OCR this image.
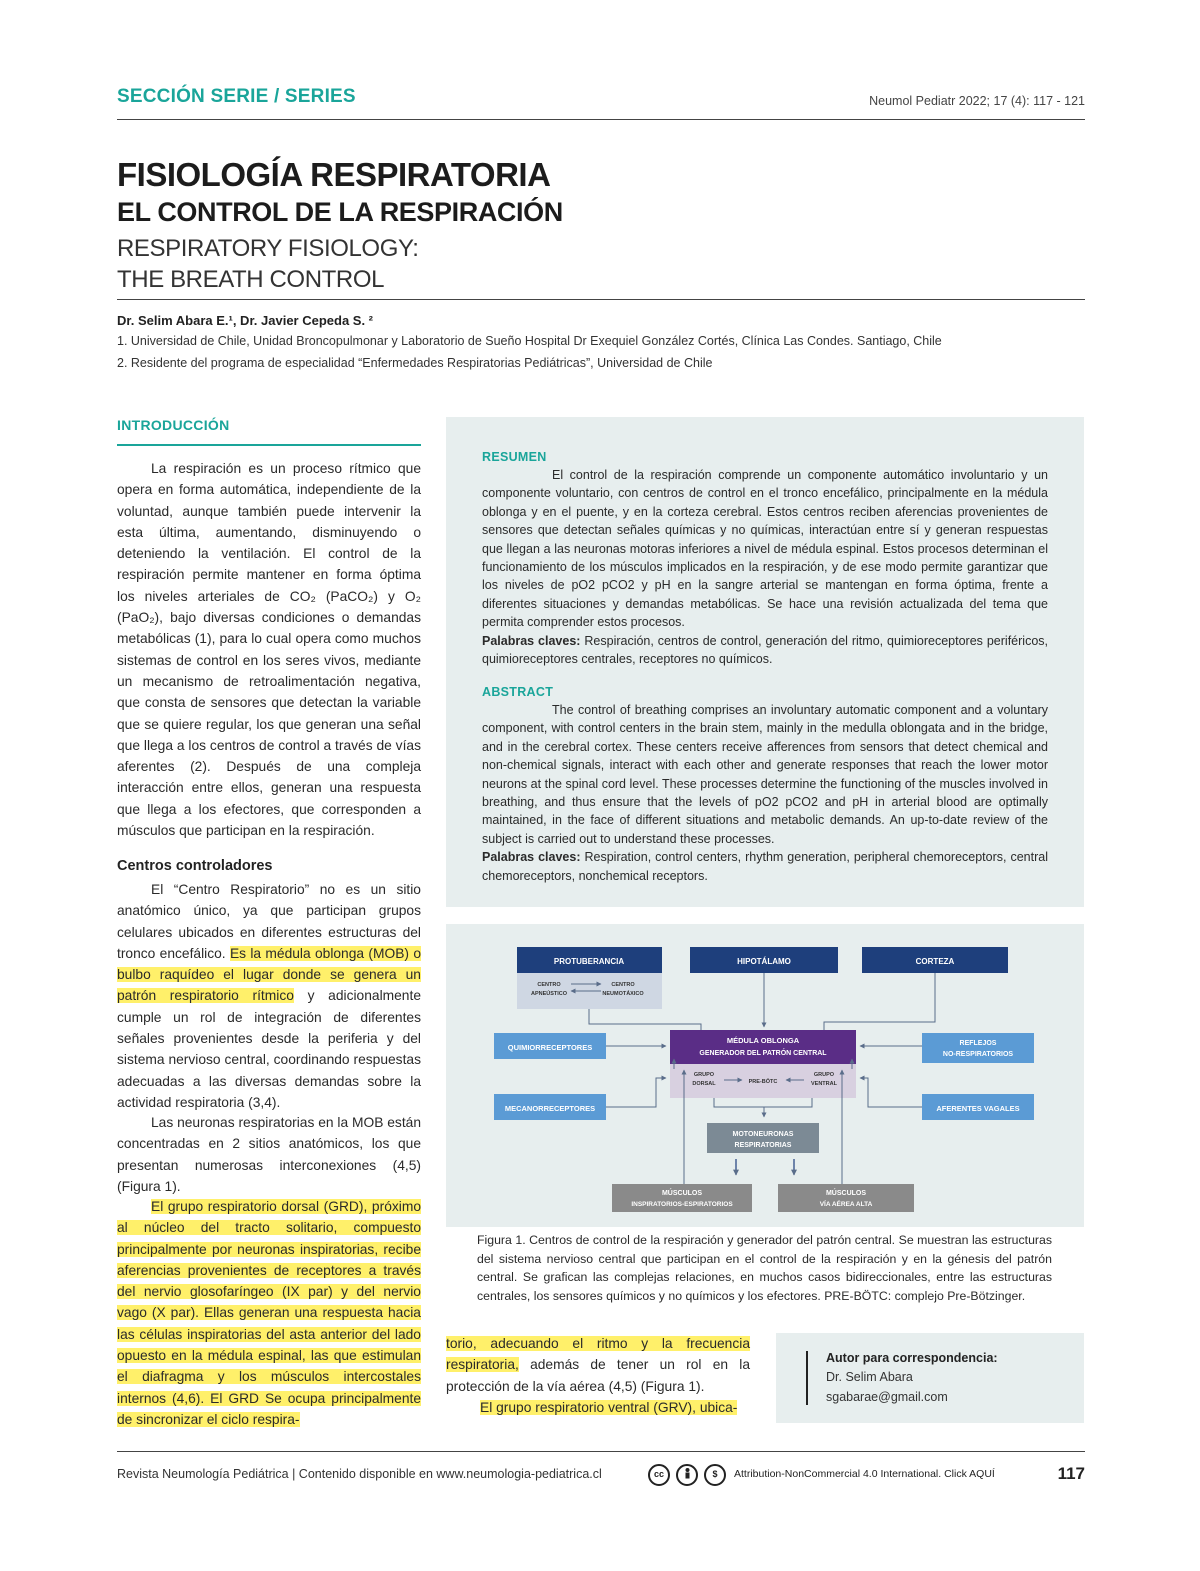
SECCIÓN SERIE / SERIES	Neumol Pediatr 2022; 17 (4): 117 - 121
FISIOLOGÍA RESPIRATORIA
EL CONTROL DE LA RESPIRACIÓN
RESPIRATORY FISIOLOGY:
THE BREATH CONTROL
Dr. Selim Abara E.¹, Dr. Javier Cepeda S. ²
1. Universidad de Chile, Unidad Broncopulmonar y Laboratorio de Sueño Hospital Dr Exequiel González Cortés, Clínica Las Condes. Santiago, Chile
2. Residente del programa de especialidad “Enfermedades Respiratorias Pediátricas”, Universidad de Chile
INTRODUCCIÓN
La respiración es un proceso rítmico que opera en forma automática, independiente de la voluntad, aunque también puede intervenir la esta última, aumentando, disminuyendo o deteniendo la ventilación. El control de la respiración permite mantener en forma óptima los niveles arteriales de CO₂ (PaCO₂) y O₂ (PaO₂), bajo diversas condiciones o demandas metabólicas (1), para lo cual opera como muchos sistemas de control en los seres vivos, mediante un mecanismo de retroalimentación negativa, que consta de sensores que detectan la variable que se quiere regular, los que generan una señal que llega a los centros de control a través de vías aferentes (2). Después de una compleja interacción entre ellos, generan una respuesta que llega a los efectores, que corresponden a músculos que participan en la respiración.
Centros controladores
El “Centro Respiratorio” no es un sitio anatómico único, ya que participan grupos celulares ubicados en diferentes estructuras del tronco encefálico. Es la médula oblonga (MOB) o bulbo raquídeo el lugar donde se genera un patrón respiratorio rítmico y adicionalmente cumple un rol de integración de diferentes señales provenientes desde la periferia y del sistema nervioso central, coordinando respuestas adecuadas a las diversas demandas sobre la actividad respiratoria (3,4).
Las neuronas respiratorias en la MOB están concentradas en 2 sitios anatómicos, los que presentan numerosas interconexiones (4,5) (Figura 1).
El grupo respiratorio dorsal (GRD), próximo al núcleo del tracto solitario, compuesto principalmente por neuronas inspiratorias, recibe aferencias provenientes de receptores a través del nervio glosofaríngeo (IX par) y del nervio vago (X par). Ellas generan una respuesta hacia las células inspiratorias del asta anterior del lado opuesto en la médula espinal, las que estimulan el diafragma y los músculos intercostales internos (4,6). El GRD Se ocupa principalmente de sincronizar el ciclo respira-
RESUMEN
El control de la respiración comprende un componente automático involuntario y un componente voluntario, con centros de control en el tronco encefálico, principalmente en la médula oblonga y en el puente, y en la corteza cerebral. Estos centros reciben aferencias provenientes de sensores que detectan señales químicas y no químicas, interactúan entre sí y generan respuestas que llegan a las neuronas motoras inferiores a nivel de médula espinal. Estos procesos determinan el funcionamiento de los músculos implicados en la respiración, y de ese modo permite garantizar que los niveles de pO2 pCO2 y pH en la sangre arterial se mantengan en forma óptima, frente a diferentes situaciones y demandas metabólicas. Se hace una revisión actualizada del tema que permita comprender estos procesos.
Palabras claves: Respiración, centros de control, generación del ritmo, quimioreceptores periféricos, quimioreceptores centrales, receptores no químicos.
ABSTRACT
The control of breathing comprises an involuntary automatic component and a voluntary component, with control centers in the brain stem, mainly in the medulla oblongata and in the bridge, and in the cerebral cortex. These centers receive afferences from sensors that detect chemical and non-chemical signals, interact with each other and generate responses that reach the lower motor neurons at the spinal cord level. These processes determine the functioning of the muscles involved in breathing, and thus ensure that the levels of pO2 pCO2 and pH in arterial blood are optimally maintained, in the face of different situations and metabolic demands. An up-to-date review of the subject is carried out to understand these processes.
Palabras claves: Respiration, control centers, rhythm generation, peripheral chemoreceptors, central chemoreceptors, nonchemical receptors.
PROTUBERANCIA	HIPOTÁLAMO	CORTEZA
CENTRO
APNEÚSTICO
CENTRO
NEUMOTÁXICO
MÉDULA OBLONGA
GENERADOR DEL PATRÓN CENTRAL
GRUPO
DORSAL	PRE-BÖTC
GRUPO
VENTRAL
QUIMIORRECEPTORES
MECANORRECEPTORES
REFLEJOS
NO-RESPIRATORIOS
AFERENTES VAGALES
MOTONEURONAS
RESPIRATORIAS
MÚSCULOS
INSPIRATORIOS-ESPIRATORIOS
MÚSCULOS
VÍA AÉREA ALTA
Figura 1. Centros de control de la respiración y generador del patrón central. Se muestran las estructuras del sistema nervioso central que participan en el control de la respiración y en la génesis del patrón central. Se grafican las complejas relaciones, en muchos casos bidireccionales, entre las estructuras centrales, los sensores químicos y no químicos y los efectores. PRE-BÖTC: complejo Pre-Bötzinger.
torio, adecuando el ritmo y la frecuencia respiratoria, además de tener un rol en la protección de la vía aérea (4,5) (Figura 1).
El grupo respiratorio ventral (GRV), ubica-
Autor para correspondencia:
Dr. Selim Abara
sgabarae@gmail.com
Revista Neumología Pediátrica | Contenido disponible en www.neumologia-pediatrica.cl	cc	$	Attribution-NonCommercial 4.0 International. Click AQUÍ	117
